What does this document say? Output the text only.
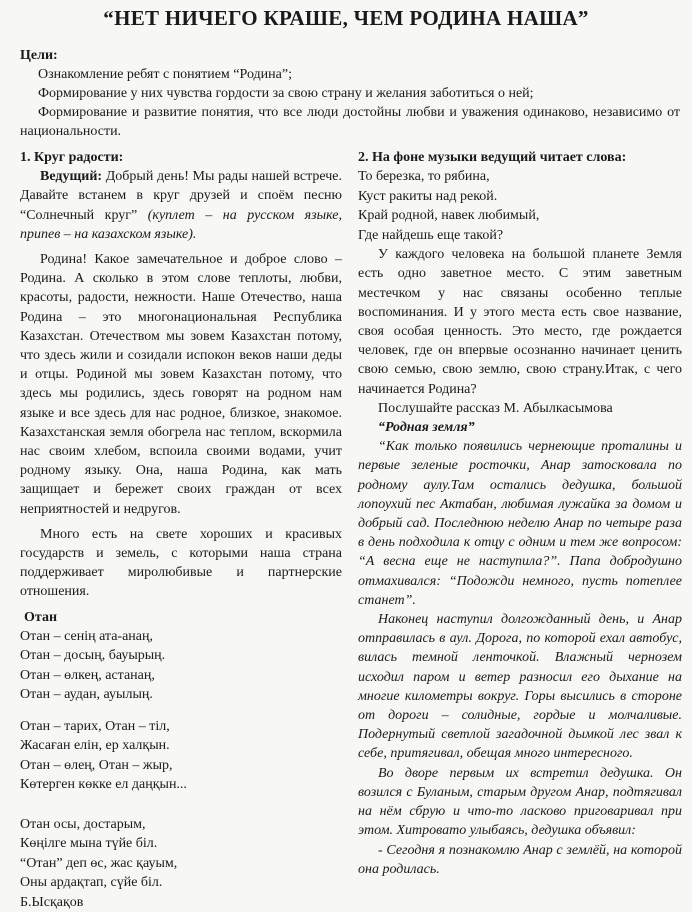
“НЕТ НИЧЕГО КРАШЕ, ЧЕМ РОДИНА НАША”

Цели:

Ознакомление ребят с понятием “Родина”;

Формирование у них чувства гордости за свою страну и желания заботиться о ней;

Формирование и развитие понятия, что все люди достойны любви и уважения одинаково, независимо от национальности.

1. Круг радости:

Ведущий: Добрый день! Мы рады нашей встрече. Давайте встанем в круг друзей и споём песню “Солнечный круг” (куплет – на русском языке, припев – на казахском языке).

Родина! Какое замечательное и доброе слово – Родина. А сколько в этом слове теплоты, любви, красоты, радости, нежности. Наше Отечество, наша Родина – это многонациональная Республика Казахстан. Отечеством мы зовем Казахстан потому, что здесь жили и созидали испокон веков наши деды и отцы. Родиной мы зовем Казахстан потому, что здесь мы родились, здесь говорят на родном нам языке и все здесь для нас родное, близкое, знакомое. Казахстанская земля обогрела нас теплом, вскормила нас своим хлебом, вспоила своими водами, учит родному языку. Она, наша Родина, как мать защищает и бережет своих граждан от всех неприятностей и недругов.

Много есть на свете хороших и красивых государств и земель, с которыми наша страна поддерживает миролюбивые и партнерские отношения.

Отан

Отан – сенің ата-анаң,
Отан – досың, бауырың.
Отан – өлкең, астанаң,
Отан – аудан, ауылың.
Отан – тарих, Отан – тіл,
Жасаған елін, ер халқын.
Отан – өлең, Отан – жыр,
Көтерген көкке ел даңқын...
Отан осы, достарым,
Көңілге мына түйе біл.
“Отан” деп өс, жас қауым,
Оны ардақтап, сүйе біл.

Б.Ысқақов

2. На фоне музыки ведущий читает слова:

То березка, то рябина,
Куст ракиты над рекой.
Край родной, навек любимый,
Где найдешь еще такой?

У каждого человека на большой планете Земля есть одно заветное место. С этим заветным местечком у нас связаны особенно теплые воспоминания. И у этого места есть свое название, своя особая ценность. Это место, где рождается человек, где он впервые осознанно начинает ценить свою семью, свою землю, свою страну.Итак, с чего начинается Родина?

Послушайте рассказ М. Абылкасымова

“Родная земля”

“Как только появились чернеющие проталины и первые зеленые росточки, Анар затосковала по родному аулу.Там остались дедушка, большой лопоухий пес Актабан, любимая лужайка за домом и добрый сад. Последнюю неделю Анар по четыре раза в день подходила к отцу с одним и тем же вопросом: “А весна еще не наступила?”. Папа добродушно отмахивался: “Подожди немного, пусть потеплее станет”.

Наконец наступил долгожданный день, и Анар отправилась в аул. Дорога, по которой ехал автобус, вилась темной ленточкой. Влажный чернозем исходил паром и ветер разносил его дыхание на многие километры вокруг. Горы высились в стороне от дороги – солидные, гордые и молчаливые. Подернутый светлой загадочной дымкой лес звал к себе, притягивал, обещая много интересного.

Во дворе первым их встретил дедушка. Он возился с Буланым, старым другом Анар, подтягивал на нём сбрую и что-то ласково приговаривал при этом. Хитровато улыбаясь, дедушка объявил:

- Сегодня я познакомлю Анар с землёй, на которой она родилась.
